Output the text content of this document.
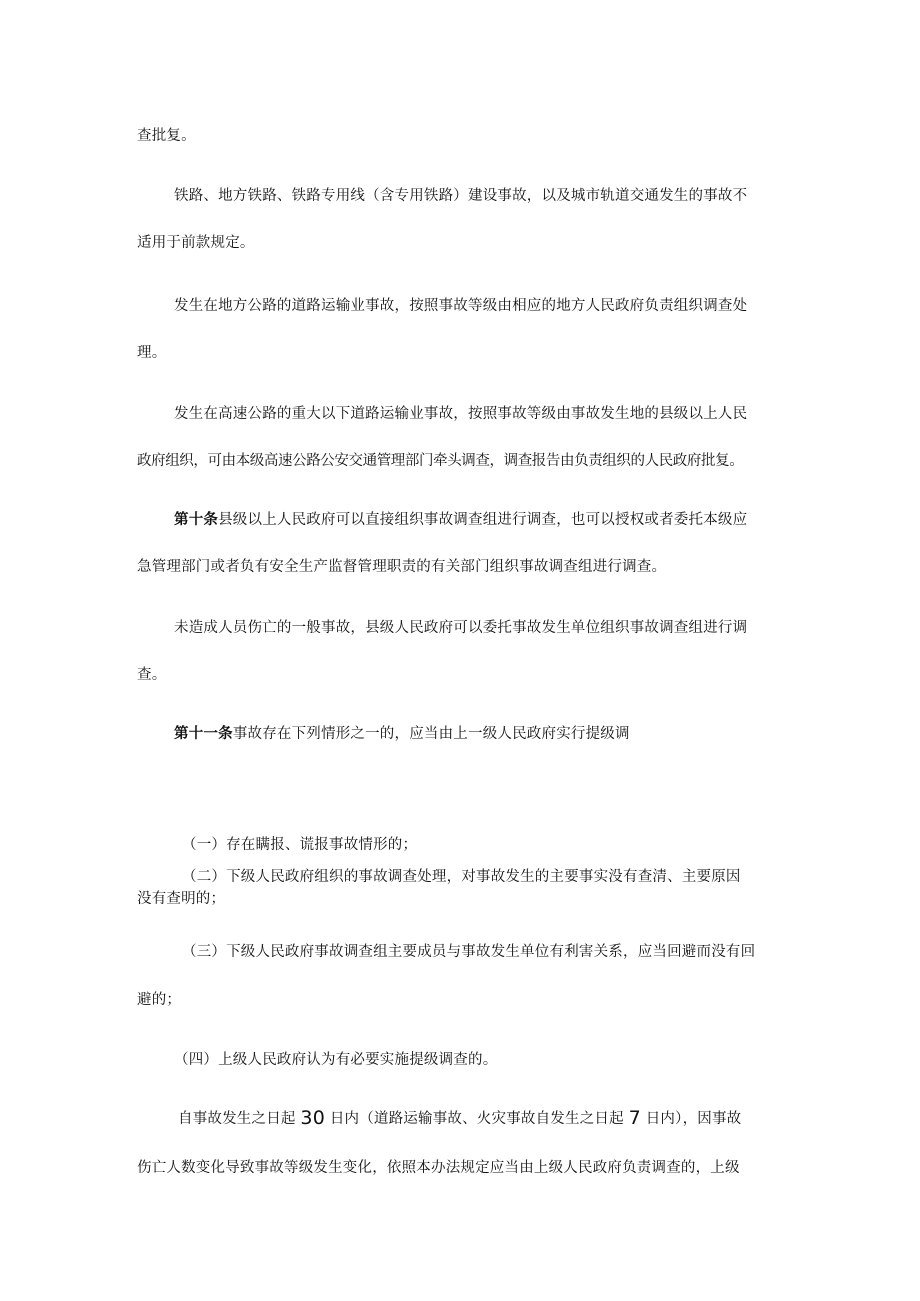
查批复。
铁路、地方铁路、铁路专用线（含专用铁路）建设事故，以及城市轨道交通发生的事故不
适用于前款规定。
发生在地方公路的道路运输业事故，按照事故等级由相应的地方人民政府负责组织调查处
理。
发生在高速公路的重大以下道路运输业事故，按照事故等级由事故发生地的县级以上人民
政府组织，可由本级高速公路公安交通管理部门牵头调查，调查报告由负责组织的人民政府批复。
第十条县级以上人民政府可以直接组织事故调查组进行调查，也可以授权或者委托本级应
急管理部门或者负有安全生产监督管理职责的有关部门组织事故调查组进行调查。
未造成人员伤亡的一般事故，县级人民政府可以委托事故发生单位组织事故调查组进行调
查。
第十一条事故存在下列情形之一的，应当由上一级人民政府实行提级调
（一）存在瞒报、谎报事故情形的；
（二）下级人民政府组织的事故调查处理，对事故发生的主要事实没有查清、主要原因
没有查明的；
（三）下级人民政府事故调查组主要成员与事故发生单位有利害关系，应当回避而没有回
避的；
（四）上级人民政府认为有必要实施提级调查的。
自事故发生之日起 30 日内（道路运输事故、火灾事故自发生之日起 7 日内），因事故
伤亡人数变化导致事故等级发生变化，依照本办法规定应当由上级人民政府负责调查的，上级
